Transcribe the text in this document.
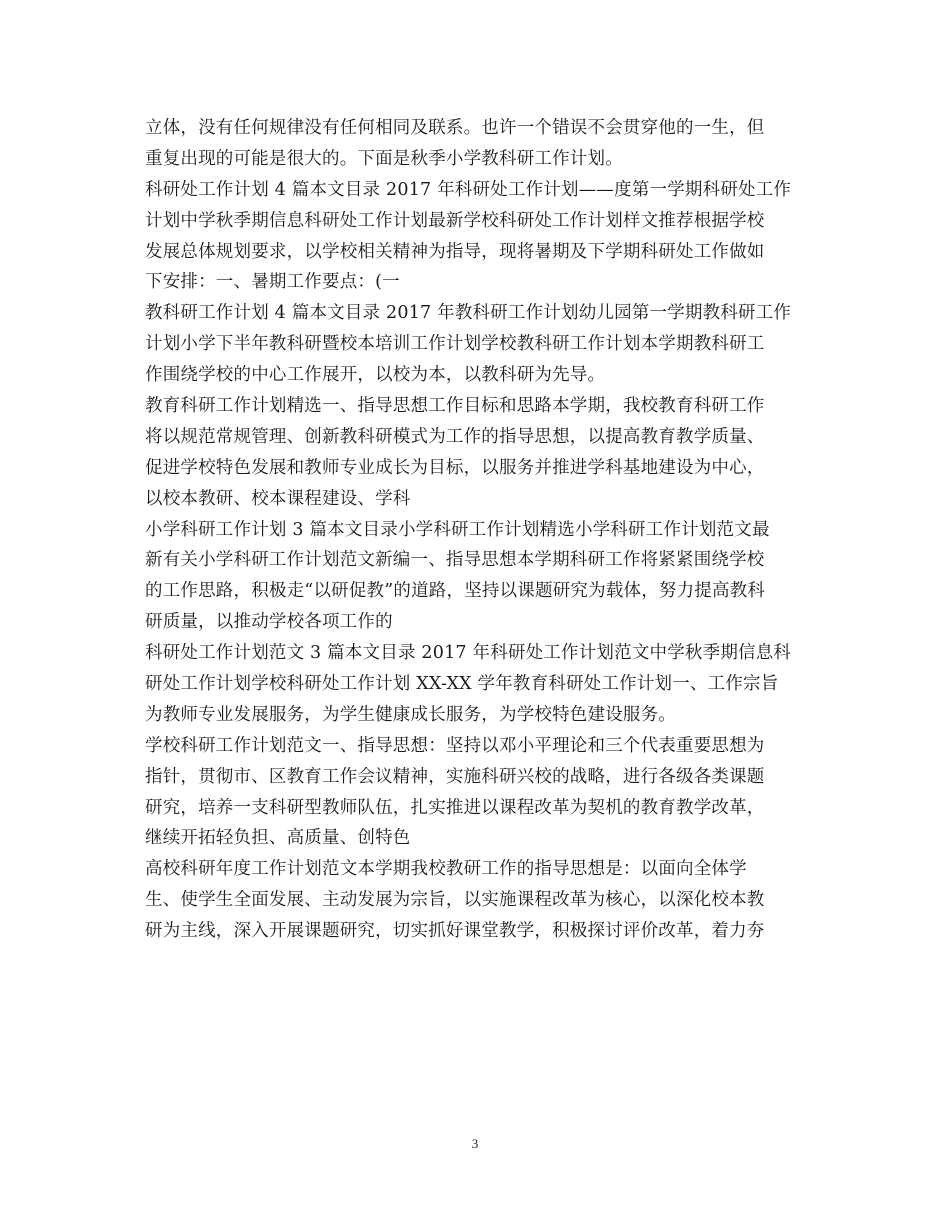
立体，没有任何规律没有任何相同及联系。也许一个错误不会贯穿他的一生，但
重复出现的可能是很大的。下面是秋季小学教科研工作计划。
科研处工作计划 4 篇本文目录 2017 年科研处工作计划——度第一学期科研处工作
计划中学秋季期信息科研处工作计划最新学校科研处工作计划样文推荐根据学校
发展总体规划要求，以学校相关精神为指导，现将暑期及下学期科研处工作做如
下安排：一、暑期工作要点：(一
教科研工作计划 4 篇本文目录 2017 年教科研工作计划幼儿园第一学期教科研工作
计划小学下半年教科研暨校本培训工作计划学校教科研工作计划本学期教科研工
作围绕学校的中心工作展开，以校为本，以教科研为先导。
教育科研工作计划精选一、指导思想工作目标和思路本学期，我校教育科研工作
将以规范常规管理、创新教科研模式为工作的指导思想，以提高教育教学质量、
促进学校特色发展和教师专业成长为目标，以服务并推进学科基地建设为中心，
以校本教研、校本课程建设、学科
小学科研工作计划 3 篇本文目录小学科研工作计划精选小学科研工作计划范文最
新有关小学科研工作计划范文新编一、指导思想本学期科研工作将紧紧围绕学校
的工作思路，积极走“以研促教”的道路，坚持以课题研究为载体，努力提高教科
研质量，以推动学校各项工作的
科研处工作计划范文 3 篇本文目录 2017 年科研处工作计划范文中学秋季期信息科
研处工作计划学校科研处工作计划 XX-XX 学年教育科研处工作计划一、工作宗旨
为教师专业发展服务，为学生健康成长服务，为学校特色建设服务。
学校科研工作计划范文一、指导思想：坚持以邓小平理论和三个代表重要思想为
指针，贯彻市、区教育工作会议精神，实施科研兴校的战略，进行各级各类课题
研究，培养一支科研型教师队伍，扎实推进以课程改革为契机的教育教学改革，
继续开拓轻负担、高质量、创特色
高校科研年度工作计划范文本学期我校教研工作的指导思想是：以面向全体学
生、使学生全面发展、主动发展为宗旨，以实施课程改革为核心，以深化校本教
研为主线，深入开展课题研究，切实抓好课堂教学，积极探讨评价改革，着力夯
3
